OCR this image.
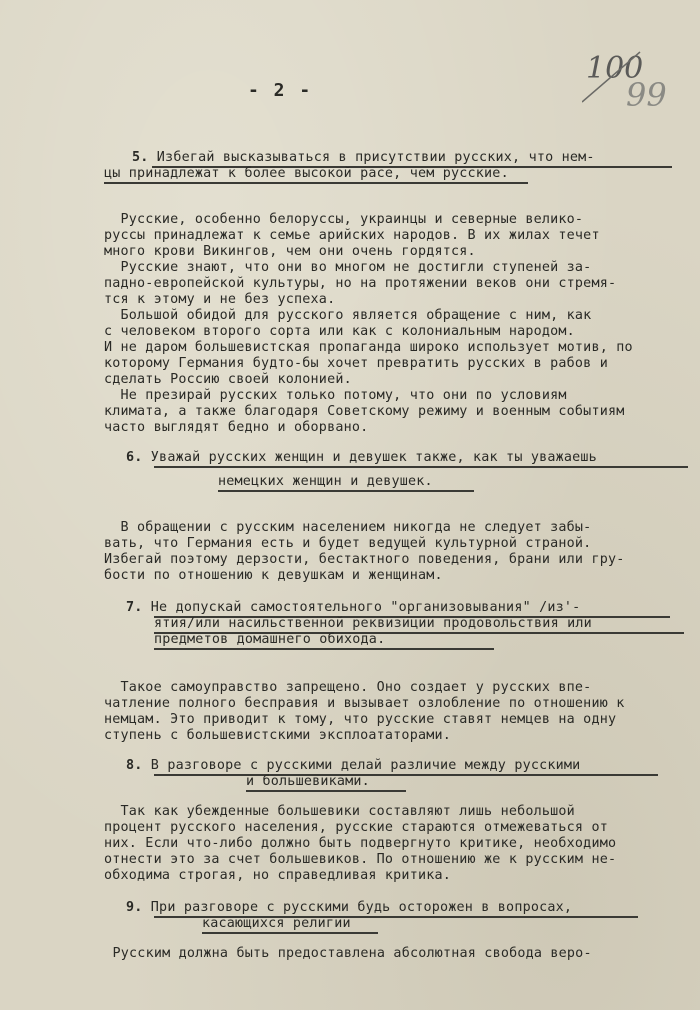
- 2 -
100
99
5. Избегай высказываться в присутствии русских, что нем-
цы принадлежат к более высокой расе, чем русские.
Русские, особенно белоруссы, украинцы и северные велико-
руссы принадлежат к семье арийских народов. В их жилах течет
много крови Викингов, чем они очень гордятся.
Русские знают, что они во многом не достигли ступеней за-
падно-европейской культуры, но на протяжении веков они стремя-
тся к этому и не без успеха.
Большой обидой для русского является обращение с ним, как
с человеком второго сорта или как с колониальным народом.
И не даром большевистская пропаганда широко использует мотив, по
которому Германия будто-бы хочет превратить русских в рабов и
сделать Россию своей колонией.
Не презирай русских только потому, что они по условиям
климата, а также благодаря Советскому режиму и военным событиям
часто выглядят бедно и оборвано.
6. Уважай русских женщин и девушек также, как ты уважаешь
немецких женщин и девушек.
В обращении с русским населением никогда не следует забы-
вать, что Германия есть и будет ведущей культурной страной.
Избегай поэтому дерзости, бестактного поведения, брани или гру-
бости по отношению к девушкам и женщинам.
7. Не допускай самостоятельного "организовывания" /из'-
ятия/или насильственной реквизиции продовольствия или
предметов домашнего обихода.
Такое самоуправство запрещено. Оно создает у русских впе-
чатление полного бесправия и вызывает озлобление по отношению к
немцам. Это приводит к тому, что русские ставят немцев на одну
ступень с большевистскими эксплоататорами.
8. В разговоре с русскими делай различие между русскими
и большевиками.
Так как убежденные большевики составляют лишь небольшой
процент русского населения, русские стараются отмежеваться от
них. Если что-либо должно быть подвергнуто критике, необходимо
отнести это за счет большевиков. По отношению же к русским не-
обходима строгая, но справедливая критика.
9. При разговоре с русскими будь осторожен в вопросах,
касающихся религии
Русским должна быть предоставлена абсолютная свобода веро-
